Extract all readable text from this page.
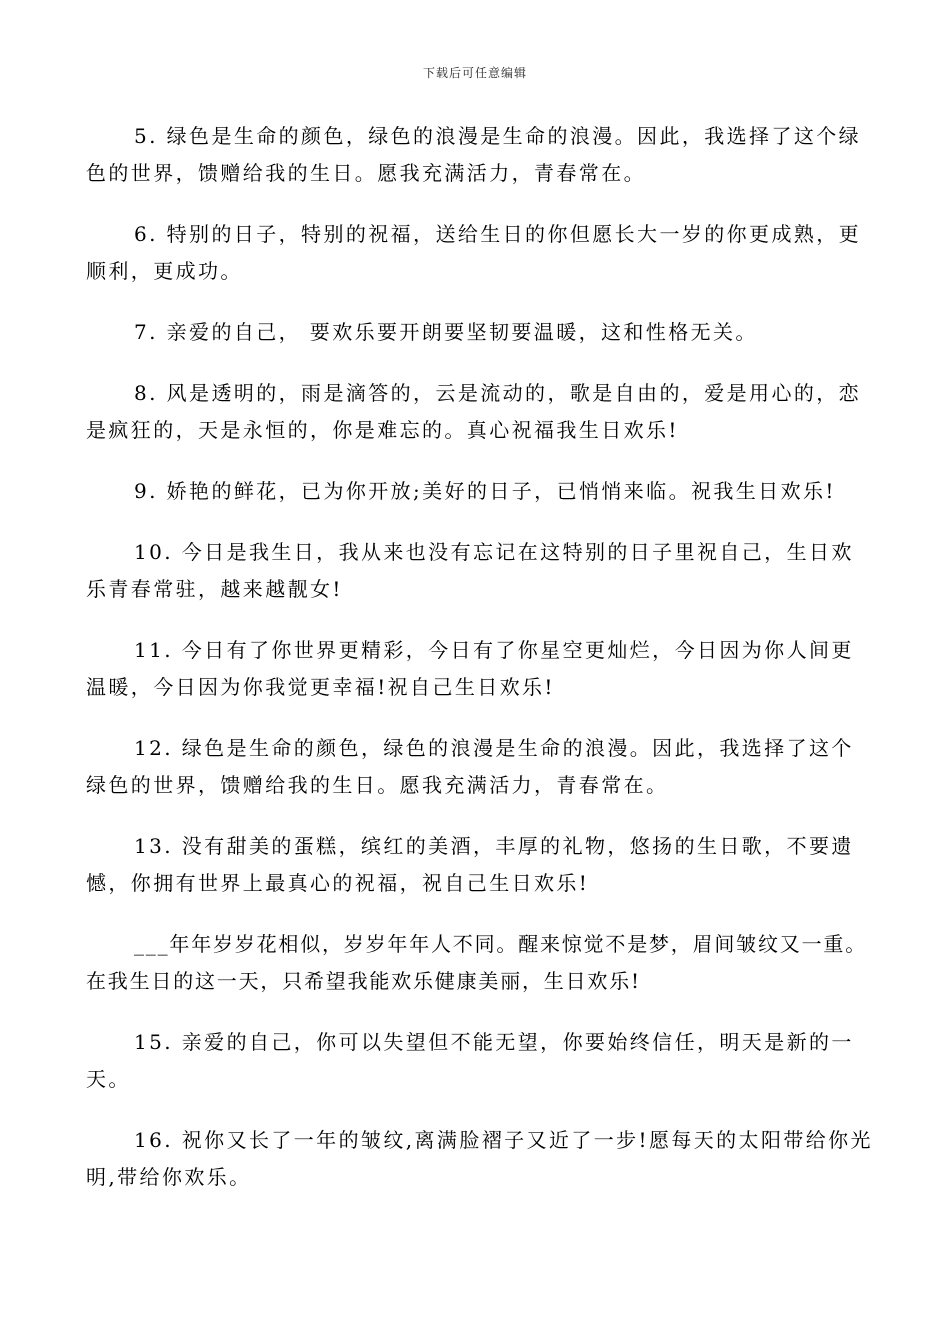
下载后可任意编辑

5. 绿色是生命的颜色，绿色的浪漫是生命的浪漫。因此，我选择了这个绿色的世界，馈赠给我的生日。愿我充满活力，青春常在。

6. 特别的日子，特别的祝福，送给生日的你但愿长大一岁的你更成熟，更顺利，更成功。

7. 亲爱的自己， 要欢乐要开朗要坚韧要温暖，这和性格无关。

8. 风是透明的，雨是滴答的，云是流动的，歌是自由的，爱是用心的，恋是疯狂的，天是永恒的，你是难忘的。真心祝福我生日欢乐!

9. 娇艳的鲜花，已为你开放;美好的日子，已悄悄来临。祝我生日欢乐!

10. 今日是我生日，我从来也没有忘记在这特别的日子里祝自己，生日欢乐青春常驻，越来越靓女!

11. 今日有了你世界更精彩，今日有了你星空更灿烂，今日因为你人间更温暖，今日因为你我觉更幸福!祝自己生日欢乐!

12. 绿色是生命的颜色，绿色的浪漫是生命的浪漫。因此，我选择了这个绿色的世界，馈赠给我的生日。愿我充满活力，青春常在。

13. 没有甜美的蛋糕，缤红的美酒，丰厚的礼物，悠扬的生日歌，不要遗憾，你拥有世界上最真心的祝福，祝自己生日欢乐!

___年年岁岁花相似，岁岁年年人不同。醒来惊觉不是梦，眉间皱纹又一重。在我生日的这一天，只希望我能欢乐健康美丽，生日欢乐!

15. 亲爱的自己，你可以失望但不能无望，你要始终信任，明天是新的一天。

16. 祝你又长了一年的皱纹,离满脸褶子又近了一步!愿每天的太阳带给你光明,带给你欢乐。
